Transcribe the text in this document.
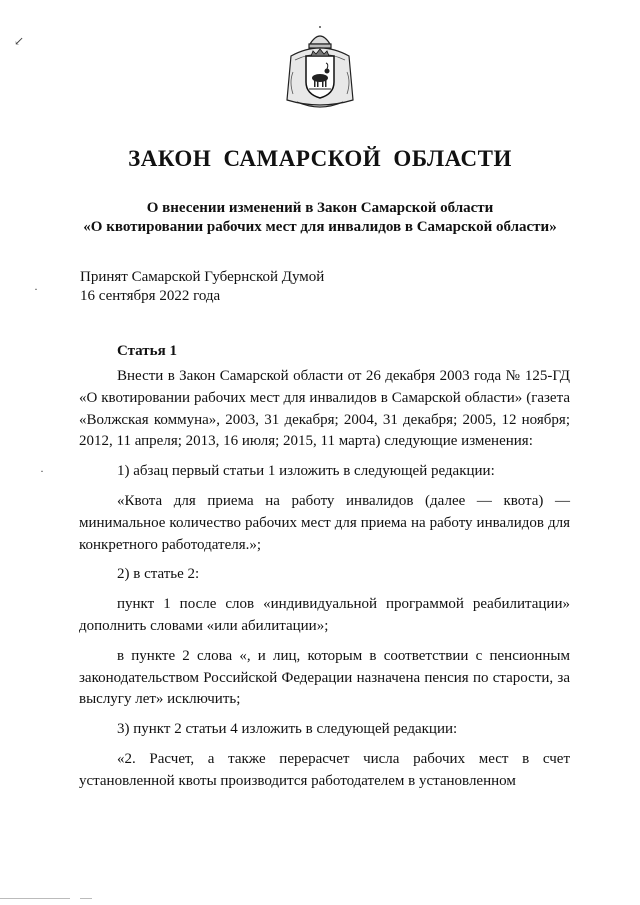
↙
·
·
ЗАКОН САМАРСКОЙ ОБЛАСТИ
О внесении изменений в Закон Самарской области
«О квотировании рабочих мест для инвалидов в Самарской области»
Принят Самарской Губернской Думой
16 сентября 2022 года
Статья 1

Внести в Закон Самарской области от 26 декабря 2003 года № 125-ГД «О квотировании рабочих мест для инвалидов в Самарской области» (газета «Волжская коммуна», 2003, 31 декабря; 2004, 31 декабря; 2005, 12 ноября; 2012, 11 апреля; 2013, 16 июля; 2015, 11 марта) следующие изменения:

1) абзац первый статьи 1 изложить в следующей редакции:

«Квота для приема на работу инвалидов (далее — квота) — минимальное количество рабочих мест для приема на работу инвалидов для конкретного работодателя.»;

2) в статье 2:

пункт 1 после слов «индивидуальной программой реабилитации» дополнить словами «или абилитации»;

в пункте 2 слова «, и лиц, которым в соответствии с пенсионным законодательством Российской Федерации назначена пенсия по старости, за выслугу лет» исключить;

3) пункт 2 статьи 4 изложить в следующей редакции:

«2. Расчет, а также перерасчет числа рабочих мест в счет установленной квоты производится работодателем в установленном
